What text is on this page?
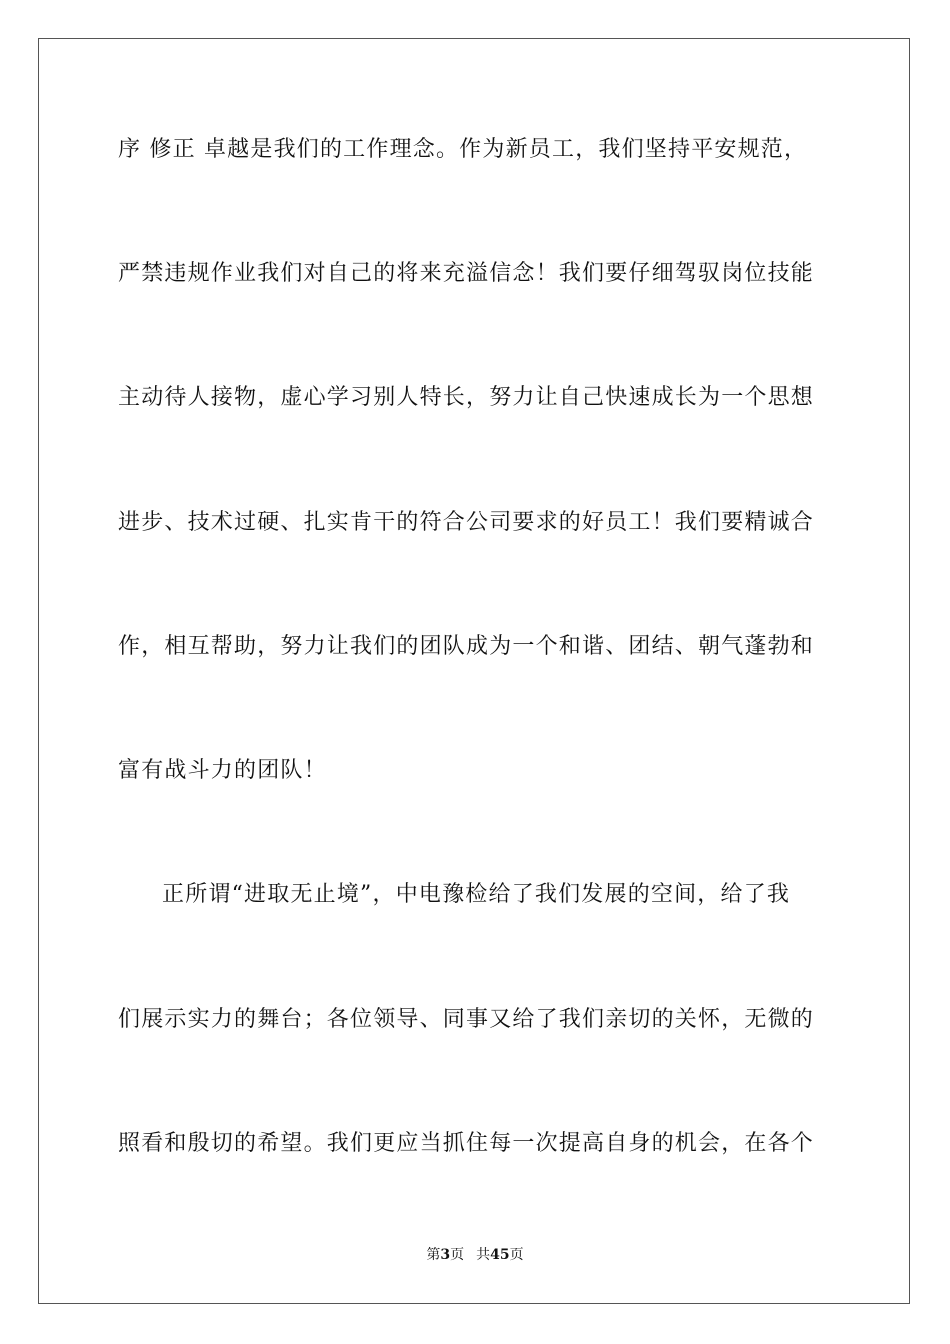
序 修正 卓越是我们的工作理念。作为新员工，我们坚持平安规范，
严禁违规作业我们对自己的将来充溢信念！我们要仔细驾驭岗位技能
主动待人接物，虚心学习别人特长，努力让自己快速成长为一个思想
进步、技术过硬、扎实肯干的符合公司要求的好员工！我们要精诚合
作，相互帮助，努力让我们的团队成为一个和谐、团结、朝气蓬勃和
富有战斗力的团队！
正所谓“进取无止境”，中电豫检给了我们发展的空间，给了我
们展示实力的舞台；各位领导、同事又给了我们亲切的关怀，无微的
照看和殷切的希望。我们更应当抓住每一次提高自身的机会，在各个
第3页 共45页
